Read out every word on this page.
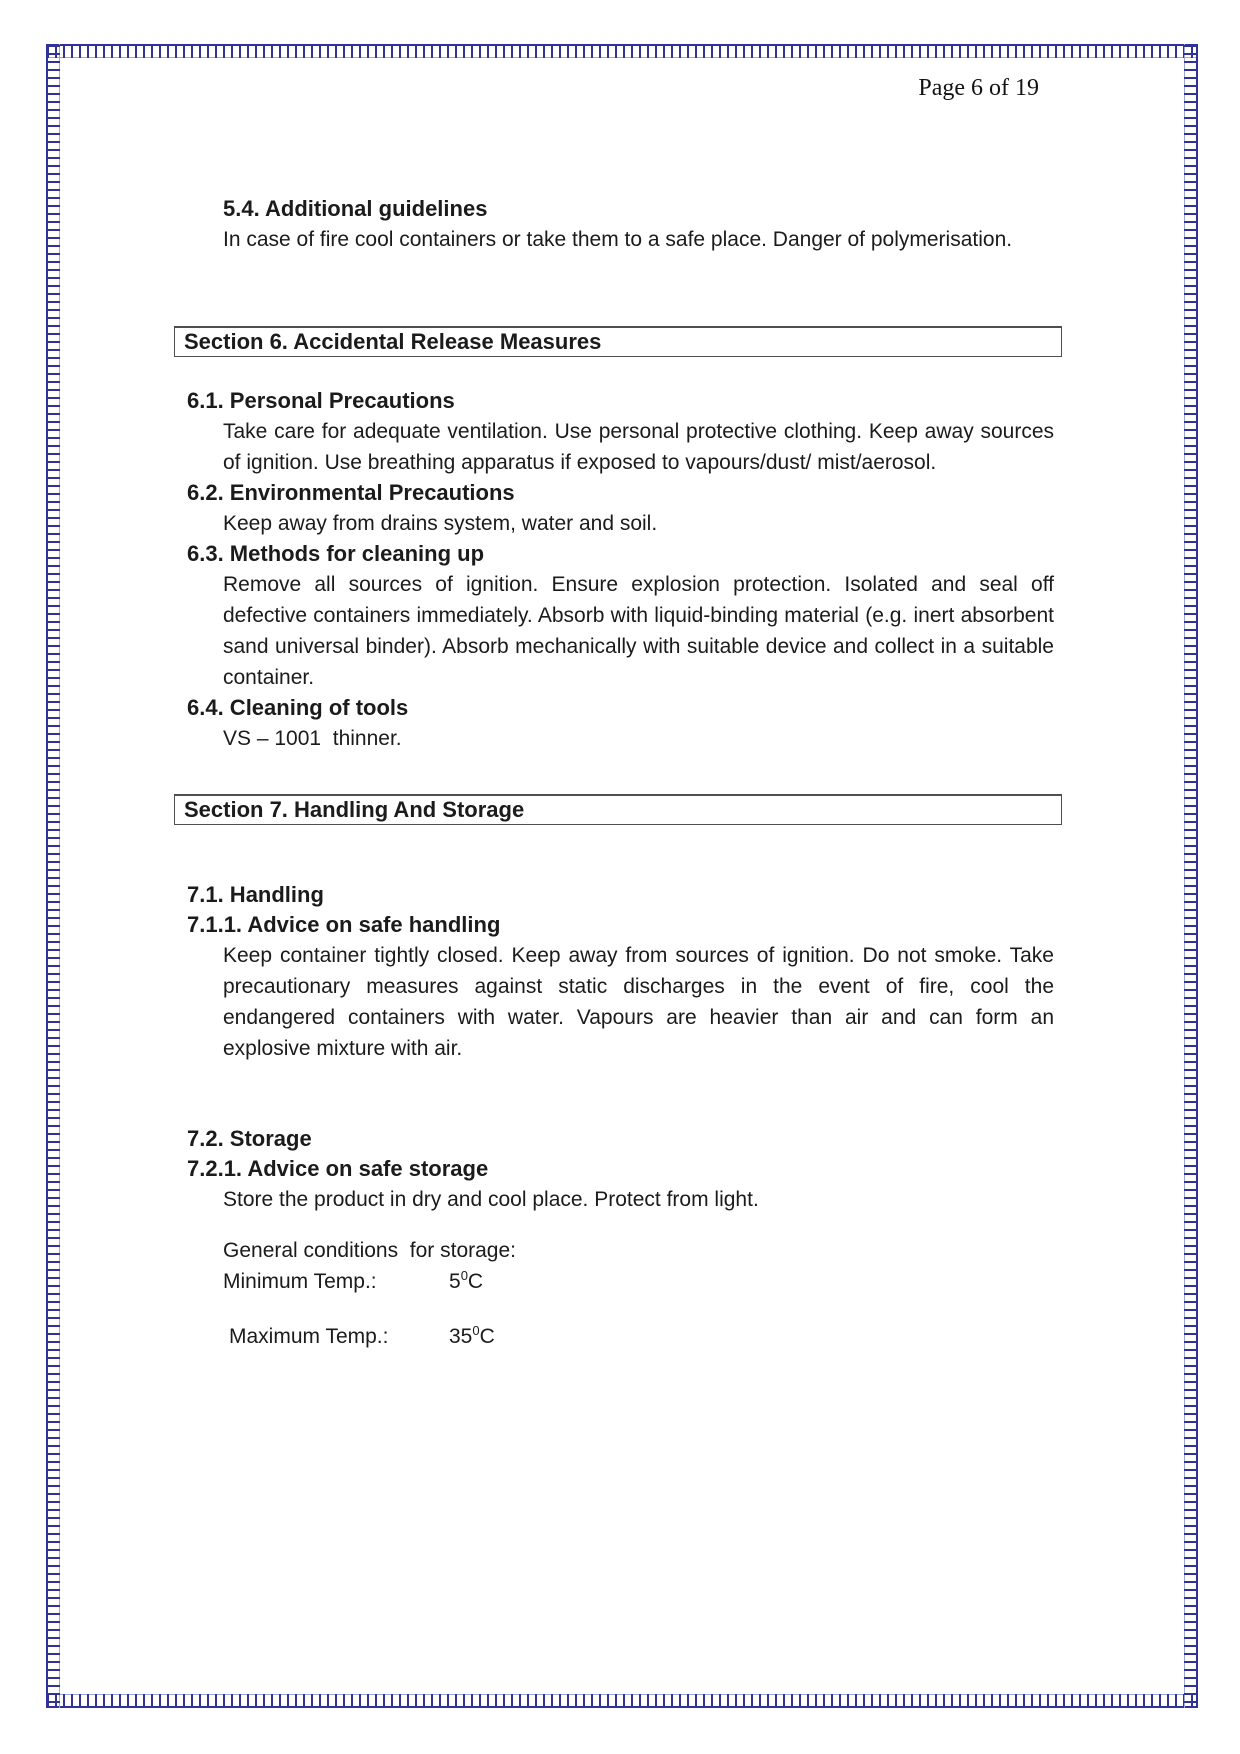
Page 6 of 19
5.4. Additional guidelines
In case of fire cool containers or take them to a safe place. Danger of polymerisation.
Section 6. Accidental Release Measures
6.1. Personal Precautions
Take care for adequate ventilation. Use personal protective clothing. Keep away sources of ignition. Use breathing apparatus if exposed to vapours/dust/ mist/aerosol.
6.2. Environmental Precautions
Keep away from drains system, water and soil.
6.3. Methods for cleaning up
Remove all sources of ignition. Ensure explosion protection. Isolated and seal off defective containers immediately. Absorb with liquid-binding material (e.g. inert absorbent sand universal binder). Absorb mechanically with suitable device and collect in a suitable container.
6.4. Cleaning of tools
VS – 1001  thinner.
Section 7. Handling And Storage
7.1. Handling
7.1.1. Advice on safe handling
Keep container tightly closed. Keep away from sources of ignition. Do not smoke. Take precautionary measures against static discharges in the event of fire, cool the endangered containers with water. Vapours are heavier than air and can form an explosive mixture with air.
7.2. Storage
7.2.1. Advice on safe storage
Store the product in dry and cool place. Protect from light.
General conditions  for storage:
Minimum Temp.:	$5^0C$
Maximum Temp.:	$35^0C$
